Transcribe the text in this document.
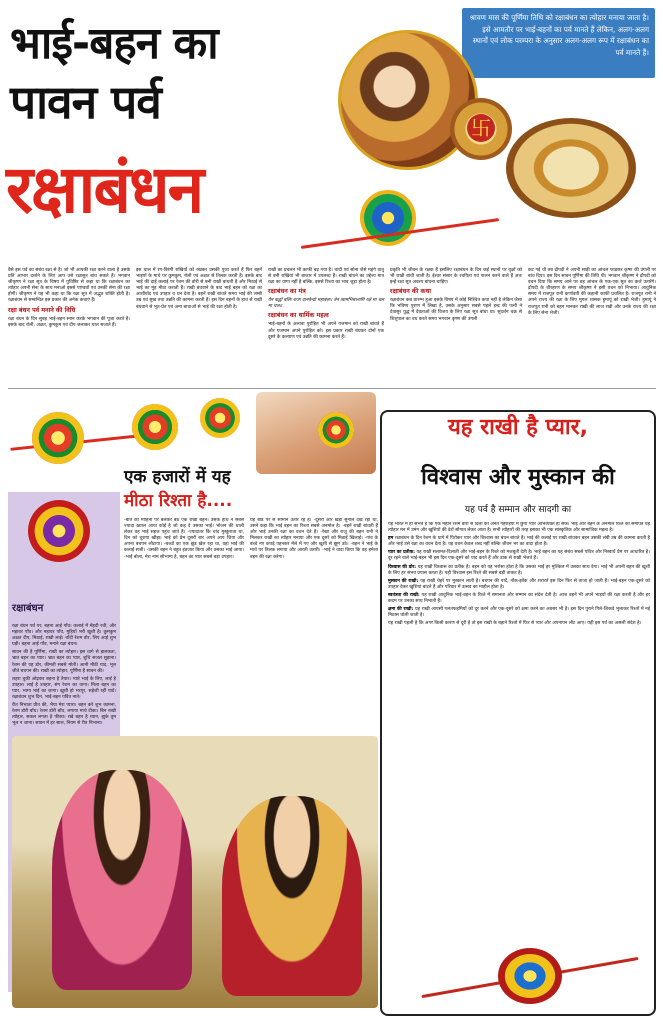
भाई-बहन का
पावन पर्व
रक्षाबंधन
श्रावण मास की पूर्णिमा तिथि को रक्षाबंधन का त्योहार मनाया जाता है। इसे आमतौर पर भाई-बहनों का पर्व मानते हैं लेकिन, अलग-अलग स्थानों एवं लोक परम्परा के अनुसार अलग-अलग रूप में रक्षाबंधन का पर्व मानते हैं।
卐

वैसे इस पर्व का संबंध रक्षा से है। जो भी आपकी रक्षा करने वाला है उसके प्रति आभार दर्शाने के लिए आप उसे रक्षासूत्र बांध सकते हैं। भगवान श्रीकृष्ण ने रक्षा सूत्र के विषय में युधिष्ठिर से कहा था कि रक्षाबंधन का त्योहार अपनी सेना के साथ मनाओ इससे पाण्डवों एवं उनकी सेना की रक्षा होगी। श्रीकृष्ण ने यह भी कहा था कि रक्षा सूत्र में अद्भुत शक्ति होती है। रक्षाबंधन से सम्बन्धित इस प्रकार की अनेक कथाएं हैं।

रक्षा बंधन पर्व मनाने की विधि

रक्षा बंधन के दिन सुबह भाई-बहन स्नान करके भगवान की पूजा करते हैं। इसके बाद रोली, अक्षत, कुमकुम एवं दीप जलाकर थाल सजाते हैं।

इस थाल में रंग-बिरंगी राखियों को रखकर उसकी पूजा करते हैं फिर बहनें भाइयों के माथे पर कुमकुम, रोली एवं अक्षत से तिलक करती हैं। इसके बाद भाई की दाईं कलाई पर रेशम की डोरी से बनी राखी बांधती हैं और मिठाई से भाई का मुंह मीठा कराती हैं। राखी बंधवाने के बाद भाई बहन को रक्षा का आशीर्वाद एवं उपहार व धन देता है। बहनें राखी बांधते समय भाई की लम्बी उम्र एवं सुख तथा उन्नति की कामना करती हैं। इस दिन बहनों के हाथ से राखी बंधवाने से भूत-प्रेत एवं अन्य बाधाओं से भाई की रक्षा होती है।

राखी का प्रचलन भी काफी बढ़ गया है। चांदी एवं सोना जैसे महंगे धातु से बनी राखियां भी बाजार में उपलब्ध हैं। राखी बांधने का उद्देश्य मात्र रक्षा का धागा नहीं है बल्कि, इससे रिश्ता का भाव जुड़ा होता है।

रक्षाबंधन का मंत्र

येन बद्धो बलिः राजा दानवेन्द्रो महाबलः। तेन त्वामभिबध्नामि रक्षे मा चल मा चल॥

रक्षाबंधन का धार्मिक महत्व

भाई-बहनों के अलावा पुरोहित भी अपने यजमान को राखी बांधते हैं और यजमान अपने पुरोहित को। इस प्रकार राखी बंधकर दोनों एक दूसरे के कल्याण एवं उन्नति की कामना करते हैं।

प्रकृति भी जीवन के रक्षक हैं इसलिए रक्षाबंधन के दिन कई स्थानों पर वृक्षों को भी राखी बांधी जाती है। ईश्वर संसार के रचयिता एवं पालन करने वाले हैं अतः इन्हें रक्षा सूत्र अवश्य बांधना चाहिए।

रक्षाबंधन की कथा

रक्षाबंधन कब प्रारम्भ हुआ इसके विषय में कोई निश्चित कथा नहीं है लेकिन जैसा कि भविष्य पुराण में लिखा है, उसके अनुसार सबसे पहले इन्द्र की पत्नी ने देवासुर युद्ध में देवताओं की विजय के लिए रक्षा सूत्र बांधा था। सुदर्शन चक्र से शिशुपाल का वध करते समय भगवान कृष्ण की उंगली

कट गई थी तब द्रौपदी ने अपनी साड़ी का आंचल फाड़कर कृष्ण की उंगली पर बांध दिया। इस दिन सावन पूर्णिमा की तिथि थी। भगवान श्रीकृष्ण ने द्रौपदी को वचन दिया कि समय आने पर वह आंचल के एक-एक सूत का कर्ज उतारेंगे। द्रौपदी के चीरहरण के समय श्रीकृष्ण ने इसी वचन को निभाया। आधुनिक समय में राजपूत रानी कर्णावती की कहानी काफी प्रचलित है। राजपूत रानी ने अपने राज्य की रक्षा के लिए मुगल शासक हुमायूं को राखी भेजी। हुमायूं ने राजपूत रानी को बहन मानकर राखी की लाज रखी और उनके राज्य की रक्षा के लिए सेना भेजी।

एक हजारों में यह
मीठा रिश्ता है....
रक्षाबंधन

रक्षा बंधन पर्व पर, बहना आई गाँव। कलाई में मेंहदी रची, और महावर पाँव। और महावर पाँव, मुहियों भरी खुशी है। कुमकुम अक्षत दीप, मिठाई, राखी लाई। चाँदी रेशम डोर, लिए आई शुभ घड़ी। बहना आई गाँव, मनाने रक्षा बंधन।

सावन की है पूर्णिमा, राखी का त्योहार। इस धागे से झलकता, भ्रात बहन का प्यार। भ्रात बहन का प्यार, शुचि सजल सुहाना। रेशम की यह डोर, कीमती सबसे मोती। आनी मीठी याद, भूल जीते बचपन की। राखी का त्योहार, पूर्णिमा है सावन की।

लहरा चुकी ओढ़कर बहना है तैयार। प्यारे भाई के लिए, लाई है उपहार। लाई है उपहार, संग रेशम का धागा। मिला बहन का प्यार, भाग्य भाई का जागा। खुशी हो भरपूर, सहेजी रहीं यादें। रक्षाबंधन शुभ दिन, भाई-बहन पवित्र नाते।

रीत निभाता प्रीत की, भैया मेरा प्यारा। बहन करे शुभ कामना, रेशम डोरी बाँध। रेशम डोरी बाँध, लगाया माथे टीका। बिन राखी त्योहार, सकल लगता है फीका। रखे बहन है ध्यान, झुके तुम भूल न जाना। सावन में हर साल, नियम से रीत निभाना।

-बात की मोहिनी पर बलकर बैठे एक राखी बहन। उसके हाथ ने सबसे ज्यादा ख़्याल आया कोई है जो कह दे उसका भाई। भोजन की थाली लेकर वह भाई सहज पहुंच जाते हैं। -ज्यादातर कि चांद मुस्कुराता था, दिन को चुराया खीझ। भाई को प्रेम दूसरी बार अपने आप जिया और अपना बचपन लौटाया। -बच्चों का एक झुंड खेल रहा था, वहां भाई की कलाई सजी। -उसकी बहन ने बहुत इंतजार किया और उसका भाई आया। -भाई बोला, मेरा नाम सौभाग्य है, बहन का प्यार सबसे बड़ा उपहार।
यह बोर्ड पर से सामान उतार रहे हैं। -दूसरी ओर खड़ा सुनील देख रहा था, उसने कहा कि भाई बहन का रिश्ता सबसे अनमोल है। -बहनें राखी बांधती हैं और भाई उनकी रक्षा का वचन देते हैं। -रेखा और राजू की बहन रानी ने मिलकर राखी का त्योहार मनाया और एक दूसरे को मिठाई खिलाई। -गांव के बच्चे नए कपड़े पहनकर मेले में गए और खुशी से झूम उठे। -बहन ने भाई के माथे पर तिलक लगाया और आरती उतारी। -भाई ने वादा किया कि वह हमेशा बहन की रक्षा करेगा।
यह राखी है प्यार,
विश्वास और मुस्कान की
यह पर्व है सम्मान और सादगी का

यह भारत में ही संभव है कि एक महीन रेशम डोरी से दिलों की अनंत गहराइयों में छुपा प्यार अभिव्यक्त हो सके। भाई और बहन के अनमोल रिश्ते को समर्पित यह त्योहार मन में उमंग और खुशियों की ढेरों सौगात लेकर आता है। सभी त्योहारों की तरह इसका भी एक सांस्कृतिक और सामाजिक महत्व है।

हम रक्षाबंधन के दिन रेशम के धागे में पिरोकर प्यार और विश्वास का बंधन बांधते हैं। भाई की कलाई पर राखी बांधकर बहन उसकी लंबी उम्र की कामना करती है और भाई उसे रक्षा का वचन देता है। यह वचन केवल शब्द नहीं बल्कि जीवन भर का वादा होता है।

प्यार का प्रतीक: यह राखी सलामत-दिलाती और भाई-बहन के रिश्ते को मजबूती देती है। भाई बहन का यह संबंध सबसे पवित्र और निस्वार्थ प्रेम पर आधारित है। दूर रहने वाले भाई-बहन भी इस दिन एक-दूसरे को याद करते हैं और डाक से राखी भेजते हैं।

विश्वास की डोर: यह राखी विश्वास का प्रतीक है। बहन को यह भरोसा होता है कि उसका भाई हर मुश्किल में उसका साथ देगा। भाई भी अपनी बहन की खुशी के लिए हर संभव प्रयास करता है। यही विश्वास इस रिश्ते की सबसे बड़ी ताकत है।

मुस्कान की राखी: यह राखी चेहरे पर मुस्कान लाती है। बचपन की यादें, नोंक-झोंक और शरारतें इस दिन फिर से ताजा हो जाती हैं। भाई-बहन एक-दूसरे को उपहार देकर खुशियां बांटते हैं और परिवार में उत्सव का माहौल होता है।

स्वतंत्रता की राखी: यह राखी आधुनिक भाई-बहन के रिश्ते में समानता और सम्मान का संदेश देती है। आज बहनें भी अपने भाइयों की रक्षा करती हैं और हर कदम पर उनका साथ निभाती हैं।

क्षमा की राखी: यह राखी आपसी गलतफहमियों को दूर करने और एक-दूसरे को क्षमा करने का अवसर भी है। इस दिन पुराने गिले-शिकवे भुलाकर रिश्तों में नई मिठास घोली जाती है।

यह राखी पहली है कि अगर किसी कारण से दूरी है तो इस राखी के बहाने रिश्तों में फिर से प्यार और अपनापन लौट आए। यही इस पर्व का असली संदेश है।
